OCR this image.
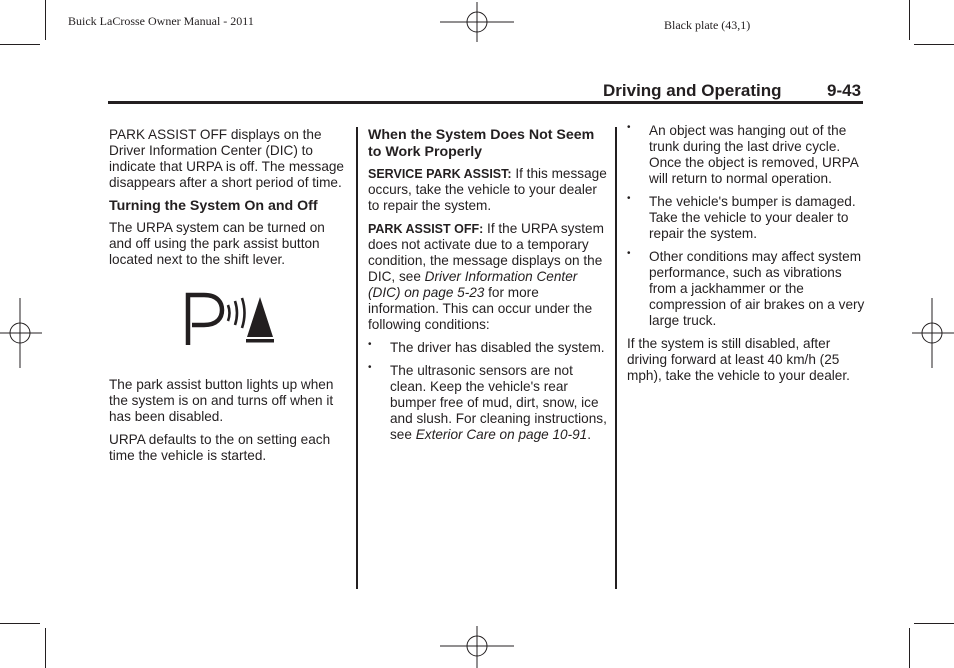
Buick LaCrosse Owner Manual - 2011	Black plate (43,1)
Driving and Operating	9-43

PARK ASSIST OFF displays on the Driver Information Center (DIC) to indicate that URPA is off. The message disappears after a short period of time.

Turning the System On and Off

The URPA system can be turned on and off using the park assist button located next to the shift lever.

The park assist button lights up when the system is on and turns off when it has been disabled.

URPA defaults to the on setting each time the vehicle is started.

When the System Does Not Seem to Work Properly

SERVICE PARK ASSIST: If this message occurs, take the vehicle to your dealer to repair the system.

PARK ASSIST OFF: If the URPA system does not activate due to a temporary condition, the message displays on the DIC, see Driver Information Center (DIC) on page 5-23 for more information. This can occur under the following conditions:

• The driver has disabled the system.
• The ultrasonic sensors are not clean. Keep the vehicle's rear bumper free of mud, dirt, snow, ice and slush. For cleaning instructions, see Exterior Care on page 10-91.
• An object was hanging out of the trunk during the last drive cycle. Once the object is removed, URPA will return to normal operation.
• The vehicle's bumper is damaged. Take the vehicle to your dealer to repair the system.
• Other conditions may affect system performance, such as vibrations from a jackhammer or the compression of air brakes on a very large truck.

If the system is still disabled, after driving forward at least 40 km/h (25 mph), take the vehicle to your dealer.
